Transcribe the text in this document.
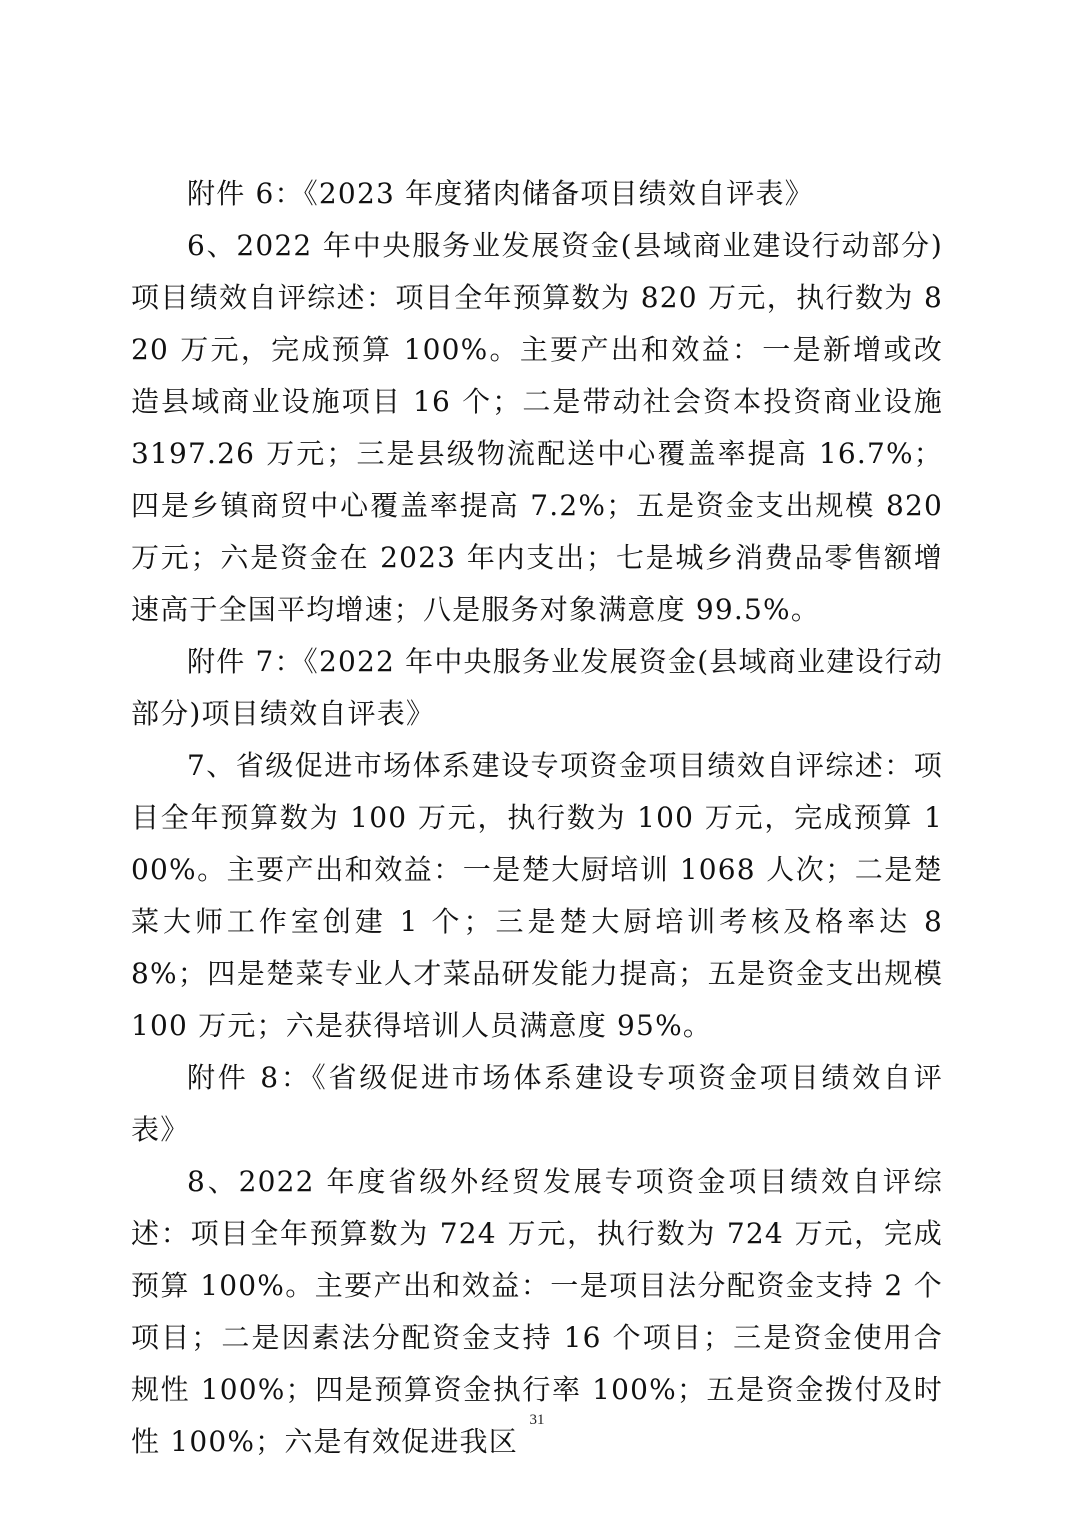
附件 6：《2023 年度猪肉储备项目绩效自评表》

6、2022 年中央服务业发展资金(县域商业建设行动部分)项目绩效自评综述：项目全年预算数为 820 万元，执行数为 820 万元，完成预算 100%。主要产出和效益：一是新增或改造县域商业设施项目 16 个；二是带动社会资本投资商业设施 3197.26 万元；三是县级物流配送中心覆盖率提高 16.7%；四是乡镇商贸中心覆盖率提高 7.2%；五是资金支出规模 820 万元；六是资金在 2023 年内支出；七是城乡消费品零售额增速高于全国平均增速；八是服务对象满意度 99.5%。

附件 7：《2022 年中央服务业发展资金(县域商业建设行动部分)项目绩效自评表》

7、省级促进市场体系建设专项资金项目绩效自评综述：项目全年预算数为 100 万元，执行数为 100 万元，完成预算 100%。主要产出和效益：一是楚大厨培训 1068 人次；二是楚菜大师工作室创建 1 个；三是楚大厨培训考核及格率达 88%；四是楚菜专业人才菜品研发能力提高；五是资金支出规模 100 万元；六是获得培训人员满意度 95%。

附件 8：《省级促进市场体系建设专项资金项目绩效自评表》

8、2022 年度省级外经贸发展专项资金项目绩效自评综述：项目全年预算数为 724 万元，执行数为 724 万元，完成预算 100%。主要产出和效益：一是项目法分配资金支持 2 个项目；二是因素法分配资金支持 16 个项目；三是资金使用合规性 100%；四是预算资金执行率 100%；五是资金拨付及时性 100%；六是有效促进我区

31
